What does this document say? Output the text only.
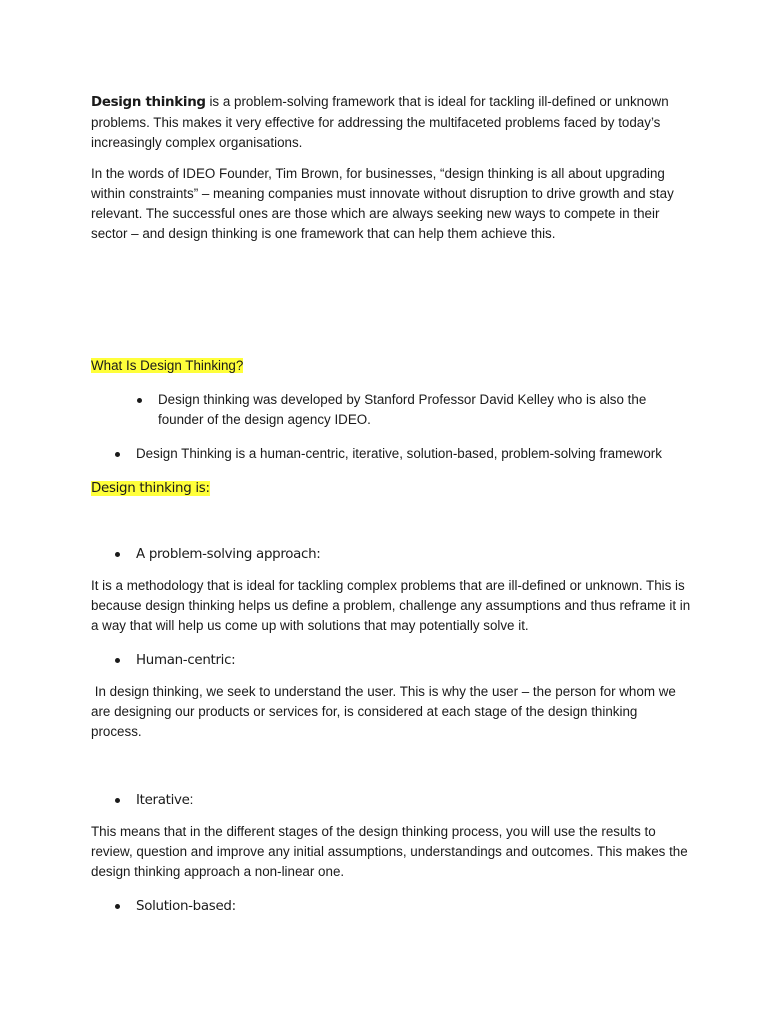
Design thinking is a problem-solving framework that is ideal for tackling ill-defined or unknown problems. This makes it very effective for addressing the multifaceted problems faced by today’s increasingly complex organisations.

In the words of IDEO Founder, Tim Brown, for businesses, “design thinking is all about upgrading within constraints” – meaning companies must innovate without disruption to drive growth and stay relevant. The successful ones are those which are always seeking new ways to compete in their sector – and design thinking is one framework that can help them achieve this.

What Is Design Thinking?

Design thinking was developed by Stanford Professor David Kelley who is also the founder of the design agency IDEO.
Design Thinking is a human-centric, iterative, solution-based, problem-solving framework

Design thinking is:

A problem-solving approach:

It is a methodology that is ideal for tackling complex problems that are ill-defined or unknown. This is because design thinking helps us define a problem, challenge any assumptions and thus reframe it in a way that will help us come up with solutions that may potentially solve it.

Human-centric:

In design thinking, we seek to understand the user. This is why the user – the person for whom we are designing our products or services for, is considered at each stage of the design thinking process.

Iterative:

This means that in the different stages of the design thinking process, you will use the results to review, question and improve any initial assumptions, understandings and outcomes. This makes the design thinking approach a non-linear one.

Solution-based:
